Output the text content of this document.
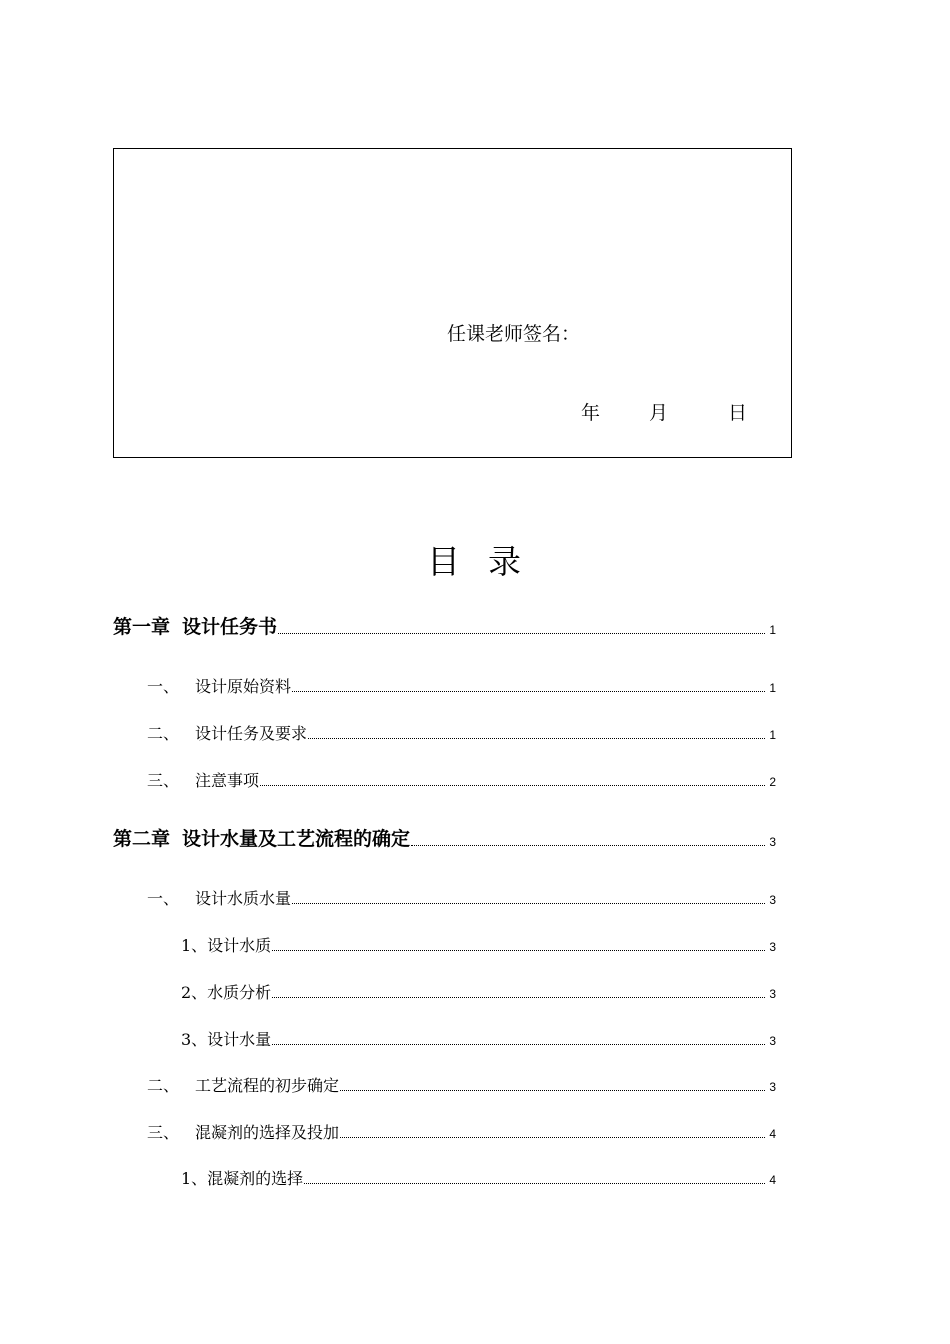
任课老师签名：
年	月	日
目 录
第一章 设计任务书	1
一、 设计原始资料	1
二、 设计任务及要求	1
三、 注意事项	2
第二章 设计水量及工艺流程的确定	3
一、 设计水质水量	3
1、设计水质	3
2、水质分析	3
3、设计水量	3
二、 工艺流程的初步确定	3
三、 混凝剂的选择及投加	4
1、混凝剂的选择	4
